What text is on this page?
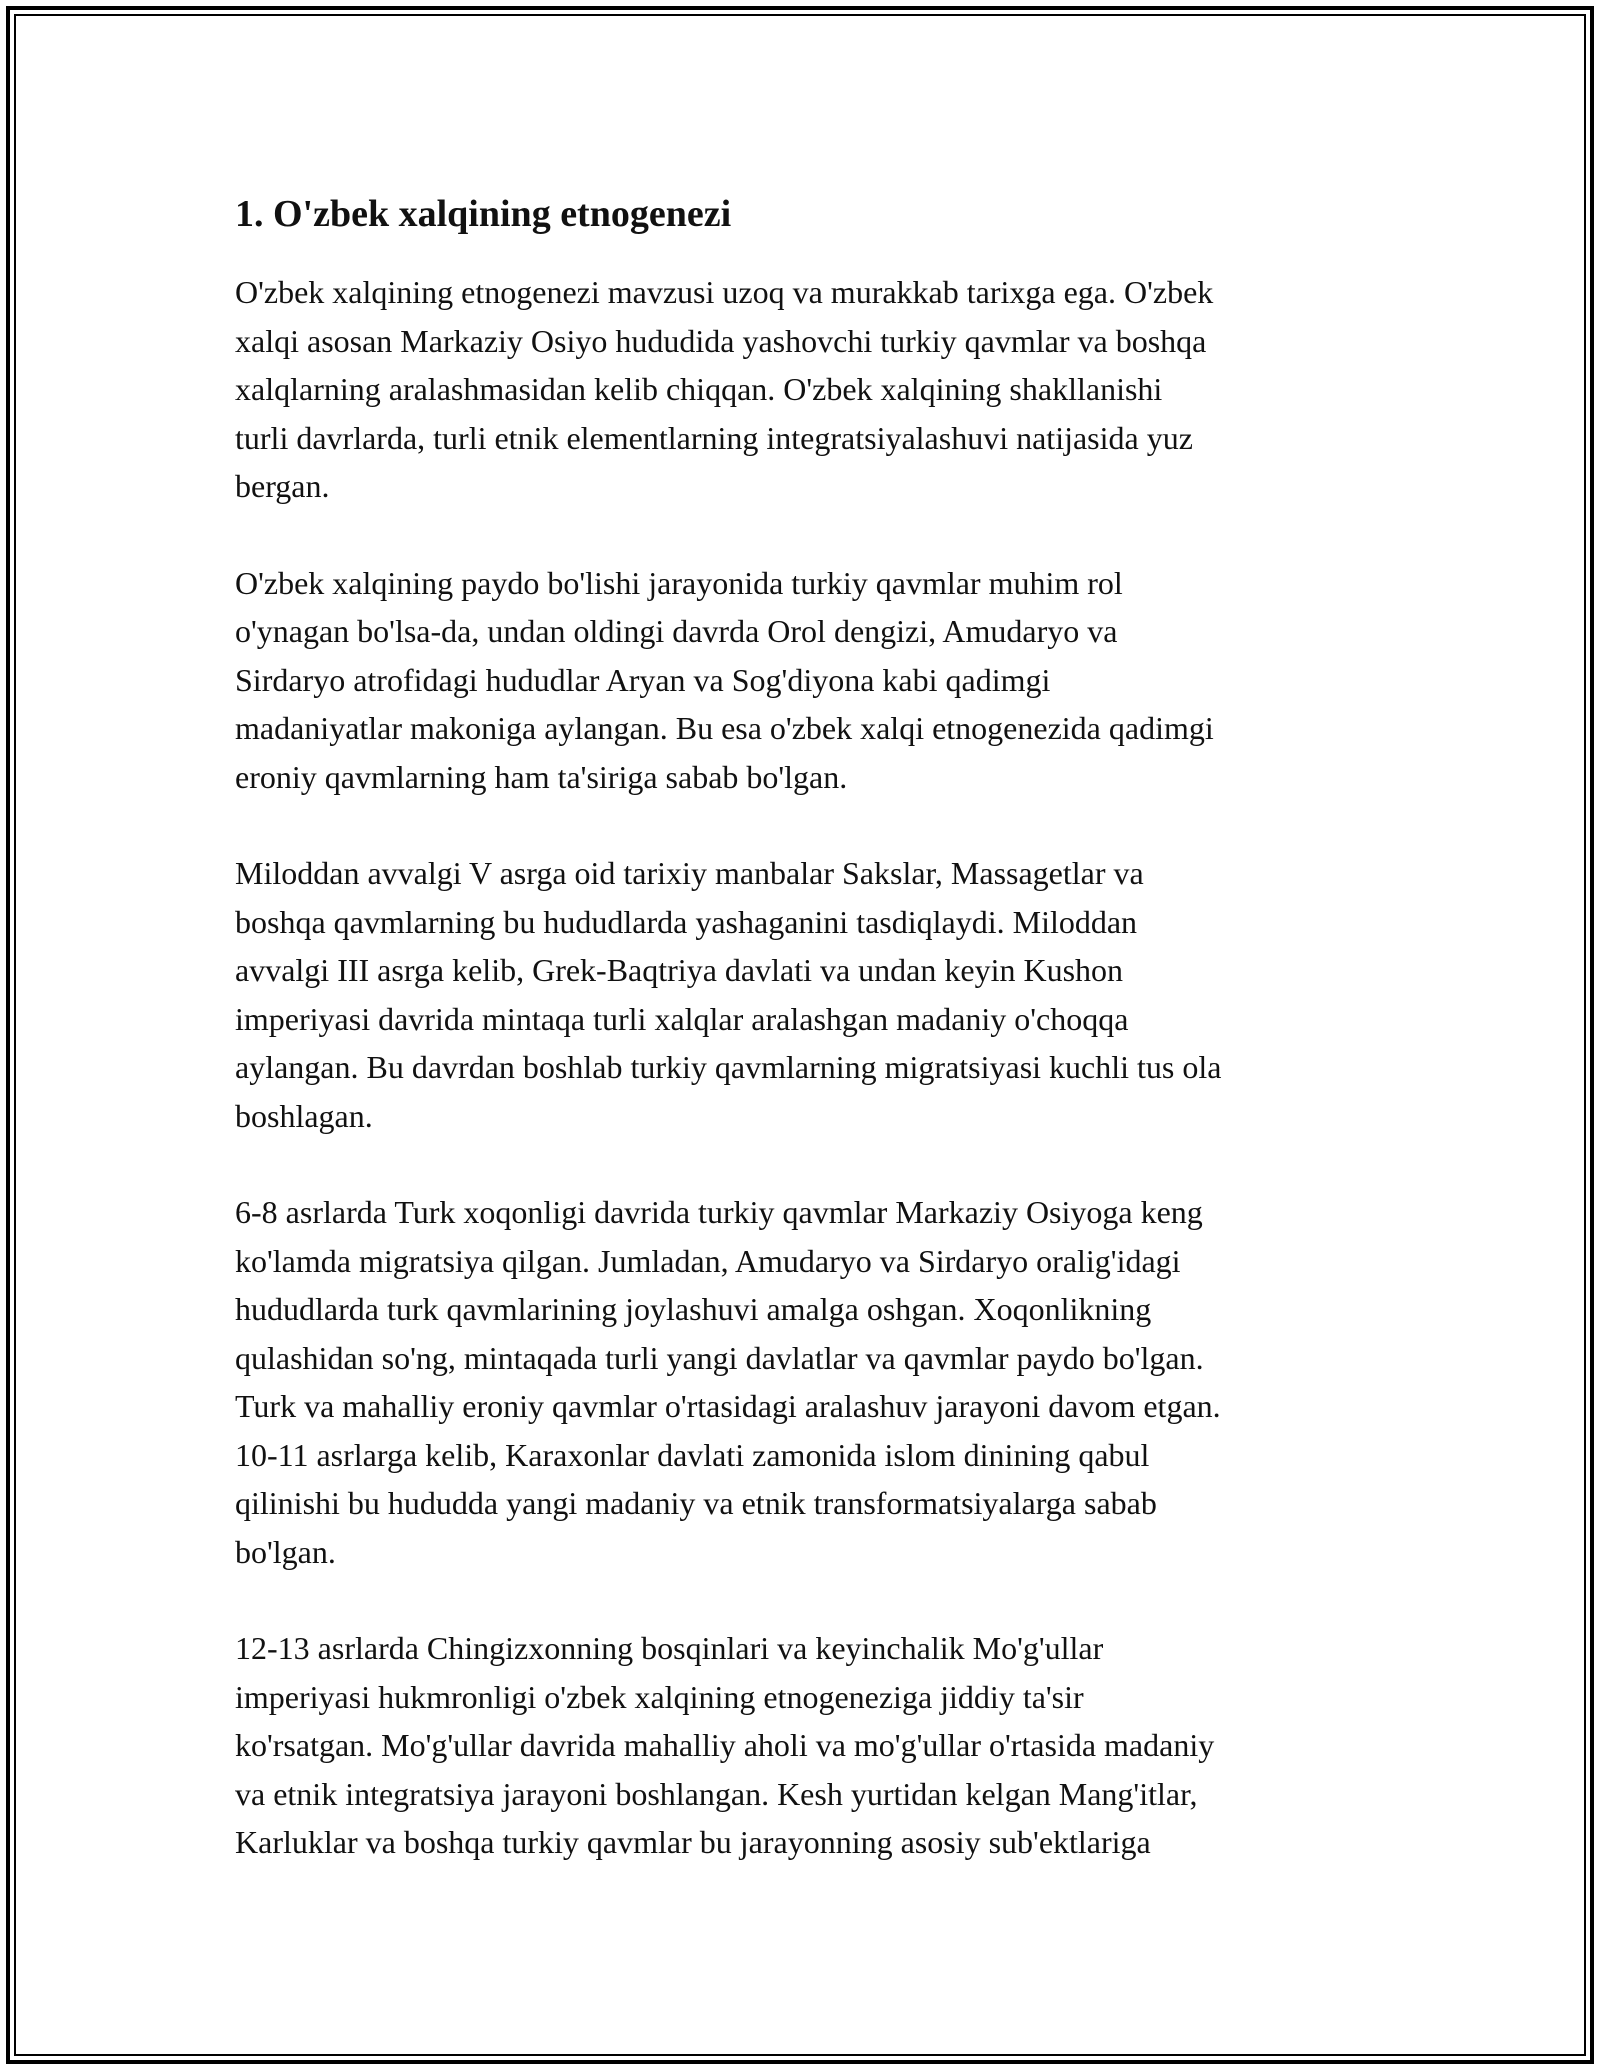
1. O'zbek xalqining etnogenezi

O'zbek xalqining etnogenezi mavzusi uzoq va murakkab tarixga ega. O'zbek
xalqi asosan Markaziy Osiyo hududida yashovchi turkiy qavmlar va boshqa
xalqlarning aralashmasidan kelib chiqqan. O'zbek xalqining shakllanishi
turli davrlarda, turli etnik elementlarning integratsiyalashuvi natijasida yuz
bergan.

O'zbek xalqining paydo bo'lishi jarayonida turkiy qavmlar muhim rol
o'ynagan bo'lsa-da, undan oldingi davrda Orol dengizi, Amudaryo va
Sirdaryo atrofidagi hududlar Aryan va Sog'diyona kabi qadimgi
madaniyatlar makoniga aylangan. Bu esa o'zbek xalqi etnogenezida qadimgi
eroniy qavmlarning ham ta'siriga sabab bo'lgan.

Miloddan avvalgi V asrga oid tarixiy manbalar Sakslar, Massagetlar va
boshqa qavmlarning bu hududlarda yashaganini tasdiqlaydi. Miloddan
avvalgi III asrga kelib, Grek-Baqtriya davlati va undan keyin Kushon
imperiyasi davrida mintaqa turli xalqlar aralashgan madaniy o'choqqa
aylangan. Bu davrdan boshlab turkiy qavmlarning migratsiyasi kuchli tus ola
boshlagan.

6-8 asrlarda Turk xoqonligi davrida turkiy qavmlar Markaziy Osiyoga keng
ko'lamda migratsiya qilgan. Jumladan, Amudaryo va Sirdaryo oralig'idagi
hududlarda turk qavmlarining joylashuvi amalga oshgan. Xoqonlikning
qulashidan so'ng, mintaqada turli yangi davlatlar va qavmlar paydo bo'lgan.
Turk va mahalliy eroniy qavmlar o'rtasidagi aralashuv jarayoni davom etgan.
10-11 asrlarga kelib, Karaxonlar davlati zamonida islom dinining qabul
qilinishi bu hududda yangi madaniy va etnik transformatsiyalarga sabab
bo'lgan.

12-13 asrlarda Chingizxonning bosqinlari va keyinchalik Mo'g'ullar
imperiyasi hukmronligi o'zbek xalqining etnogeneziga jiddiy ta'sir
ko'rsatgan. Mo'g'ullar davrida mahalliy aholi va mo'g'ullar o'rtasida madaniy
va etnik integratsiya jarayoni boshlangan. Kesh yurtidan kelgan Mang'itlar,
Karluklar va boshqa turkiy qavmlar bu jarayonning asosiy sub'ektlariga
